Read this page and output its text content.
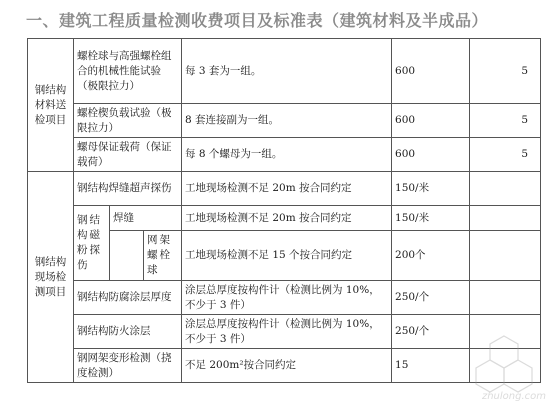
一、建筑工程质量检测收费项目及标准表（建筑材料及半成品）
钢结构材料送检项目	螺栓球与高强螺栓组合的机械性能试验（极限拉力）			每 3 套为一组。	600	5
	螺栓楔负载试验（极限拉力）			8 套连接副为一组。	600	5
	螺母保证载荷（保证载荷）			每 8 个螺母为一组。	600	5
钢结构现场检测项目	钢结构焊缝超声探伤			工地现场检测不足 20m 按合同约定	150/米	
	钢结构磁粉探伤	焊缝		工地现场检测不足 20m 按合同约定	150/米	
			网架螺栓球	工地现场检测不足 15 个按合同约定	200个	
	钢结构防腐涂层厚度			涂层总厚度按构件计（检测比例为 10%，不少于 3 件）	250/个	
	钢结构防火涂层			涂层总厚度按构件计（检测比例为 10%，不少于 3 件）	250/个	
	钢网架变形检测（挠度检测）			不足 200m²按合同约定	15	
zhulong.com
